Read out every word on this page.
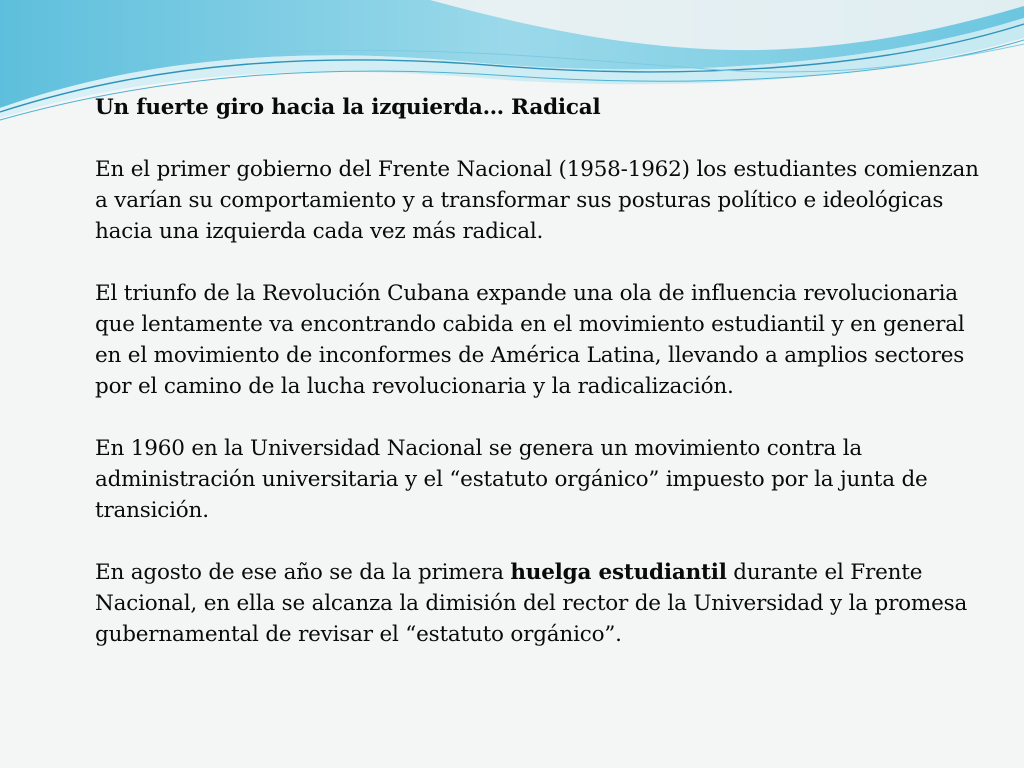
Un fuerte giro hacia la izquierda… Radical

En el primer gobierno del Frente Nacional (1958-1962) los estudiantes comienzan a varían su comportamiento y a transformar sus posturas político e ideológicas hacia una izquierda cada vez más radical.

El triunfo de la Revolución Cubana expande una ola de influencia revolucionaria que lentamente va encontrando cabida en el movimiento estudiantil y en general en el movimiento de inconformes de América Latina, llevando a amplios sectores por el camino de la lucha revolucionaria y la radicalización.

En 1960 en la Universidad Nacional se genera un movimiento contra la administración universitaria y el “estatuto orgánico” impuesto por la junta de transición.

En agosto de ese año se da la primera huelga estudiantil durante el Frente Nacional, en ella se alcanza la dimisión del rector de la Universidad y la promesa gubernamental de revisar el “estatuto orgánico”.
